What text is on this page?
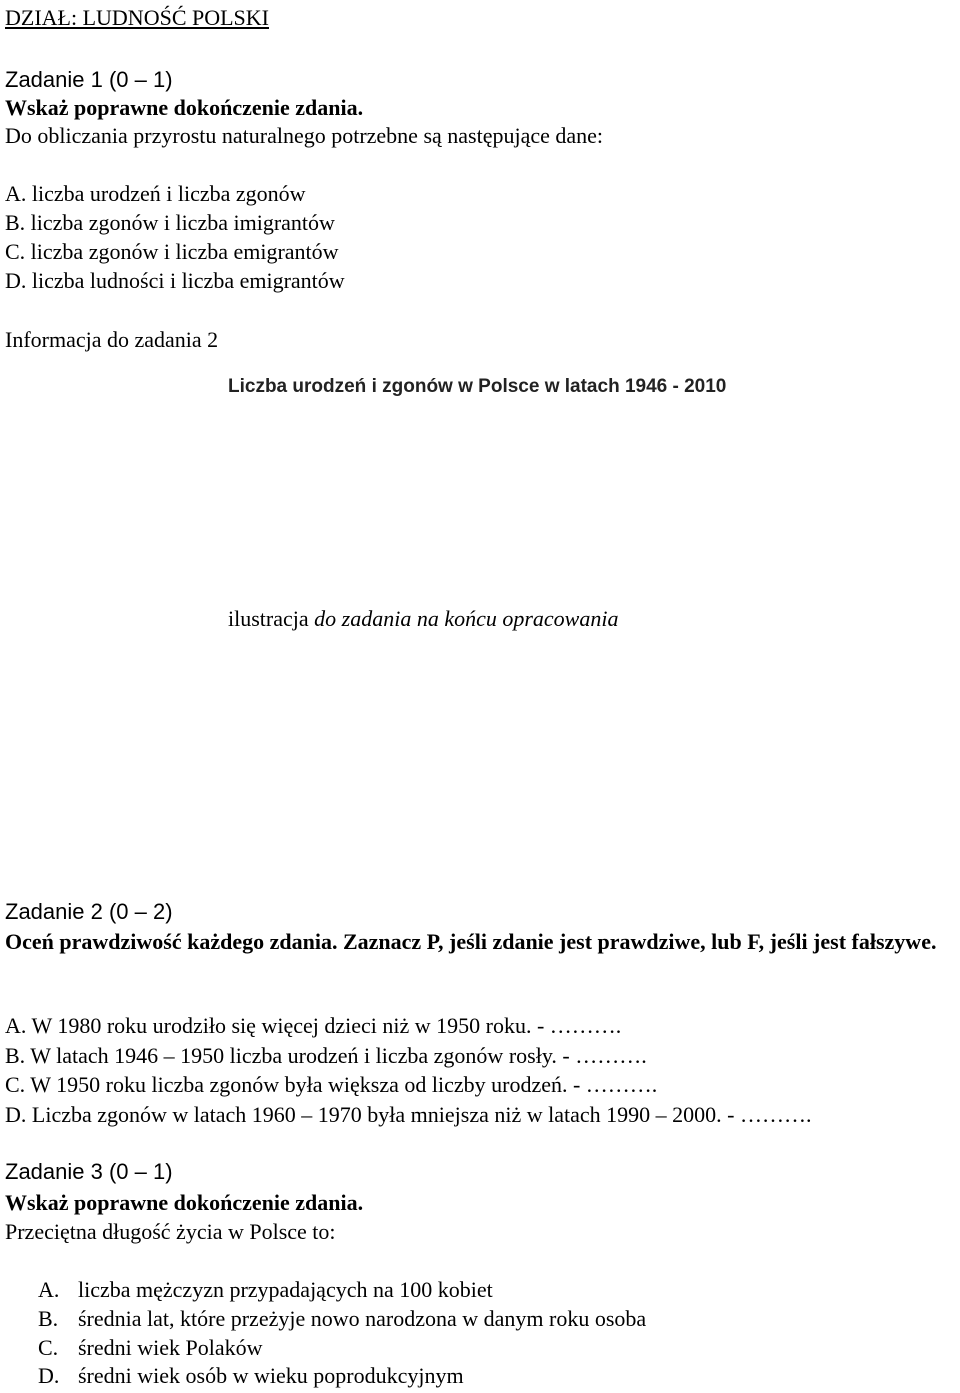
DZIAŁ: LUDNOŚĆ POLSKI
Zadanie 1 (0 – 1)
Wskaż poprawne dokończenie zdania.
Do obliczania przyrostu naturalnego potrzebne są następujące dane:
A. liczba urodzeń i liczba zgonów
B. liczba zgonów i liczba imigrantów
C. liczba zgonów i liczba emigrantów
D. liczba ludności i liczba emigrantów
Informacja do zadania 2
Liczba urodzeń i zgonów w Polsce w latach 1946 - 2010
ilustracja do zadania na końcu opracowania
Zadanie 2 (0 – 2)
Oceń prawdziwość każdego zdania. Zaznacz P, jeśli zdanie jest prawdziwe, lub F, jeśli jest fałszywe.
A. W 1980 roku urodziło się więcej dzieci niż w 1950 roku. - ……….
B. W latach 1946 – 1950 liczba urodzeń i liczba zgonów rosły. - ……….
C. W 1950 roku liczba zgonów była większa od liczby urodzeń. - ……….
D. Liczba zgonów w latach 1960 – 1970 była mniejsza niż w latach 1990 – 2000. - ……….
Zadanie 3 (0 – 1)
Wskaż poprawne dokończenie zdania.
Przeciętna długość życia w Polsce to:
A. liczba mężczyzn przypadających na 100 kobiet
B. średnia lat, które przeżyje nowo narodzona w danym roku osoba
C. średni wiek Polaków
D. średni wiek osób w wieku poprodukcyjnym
